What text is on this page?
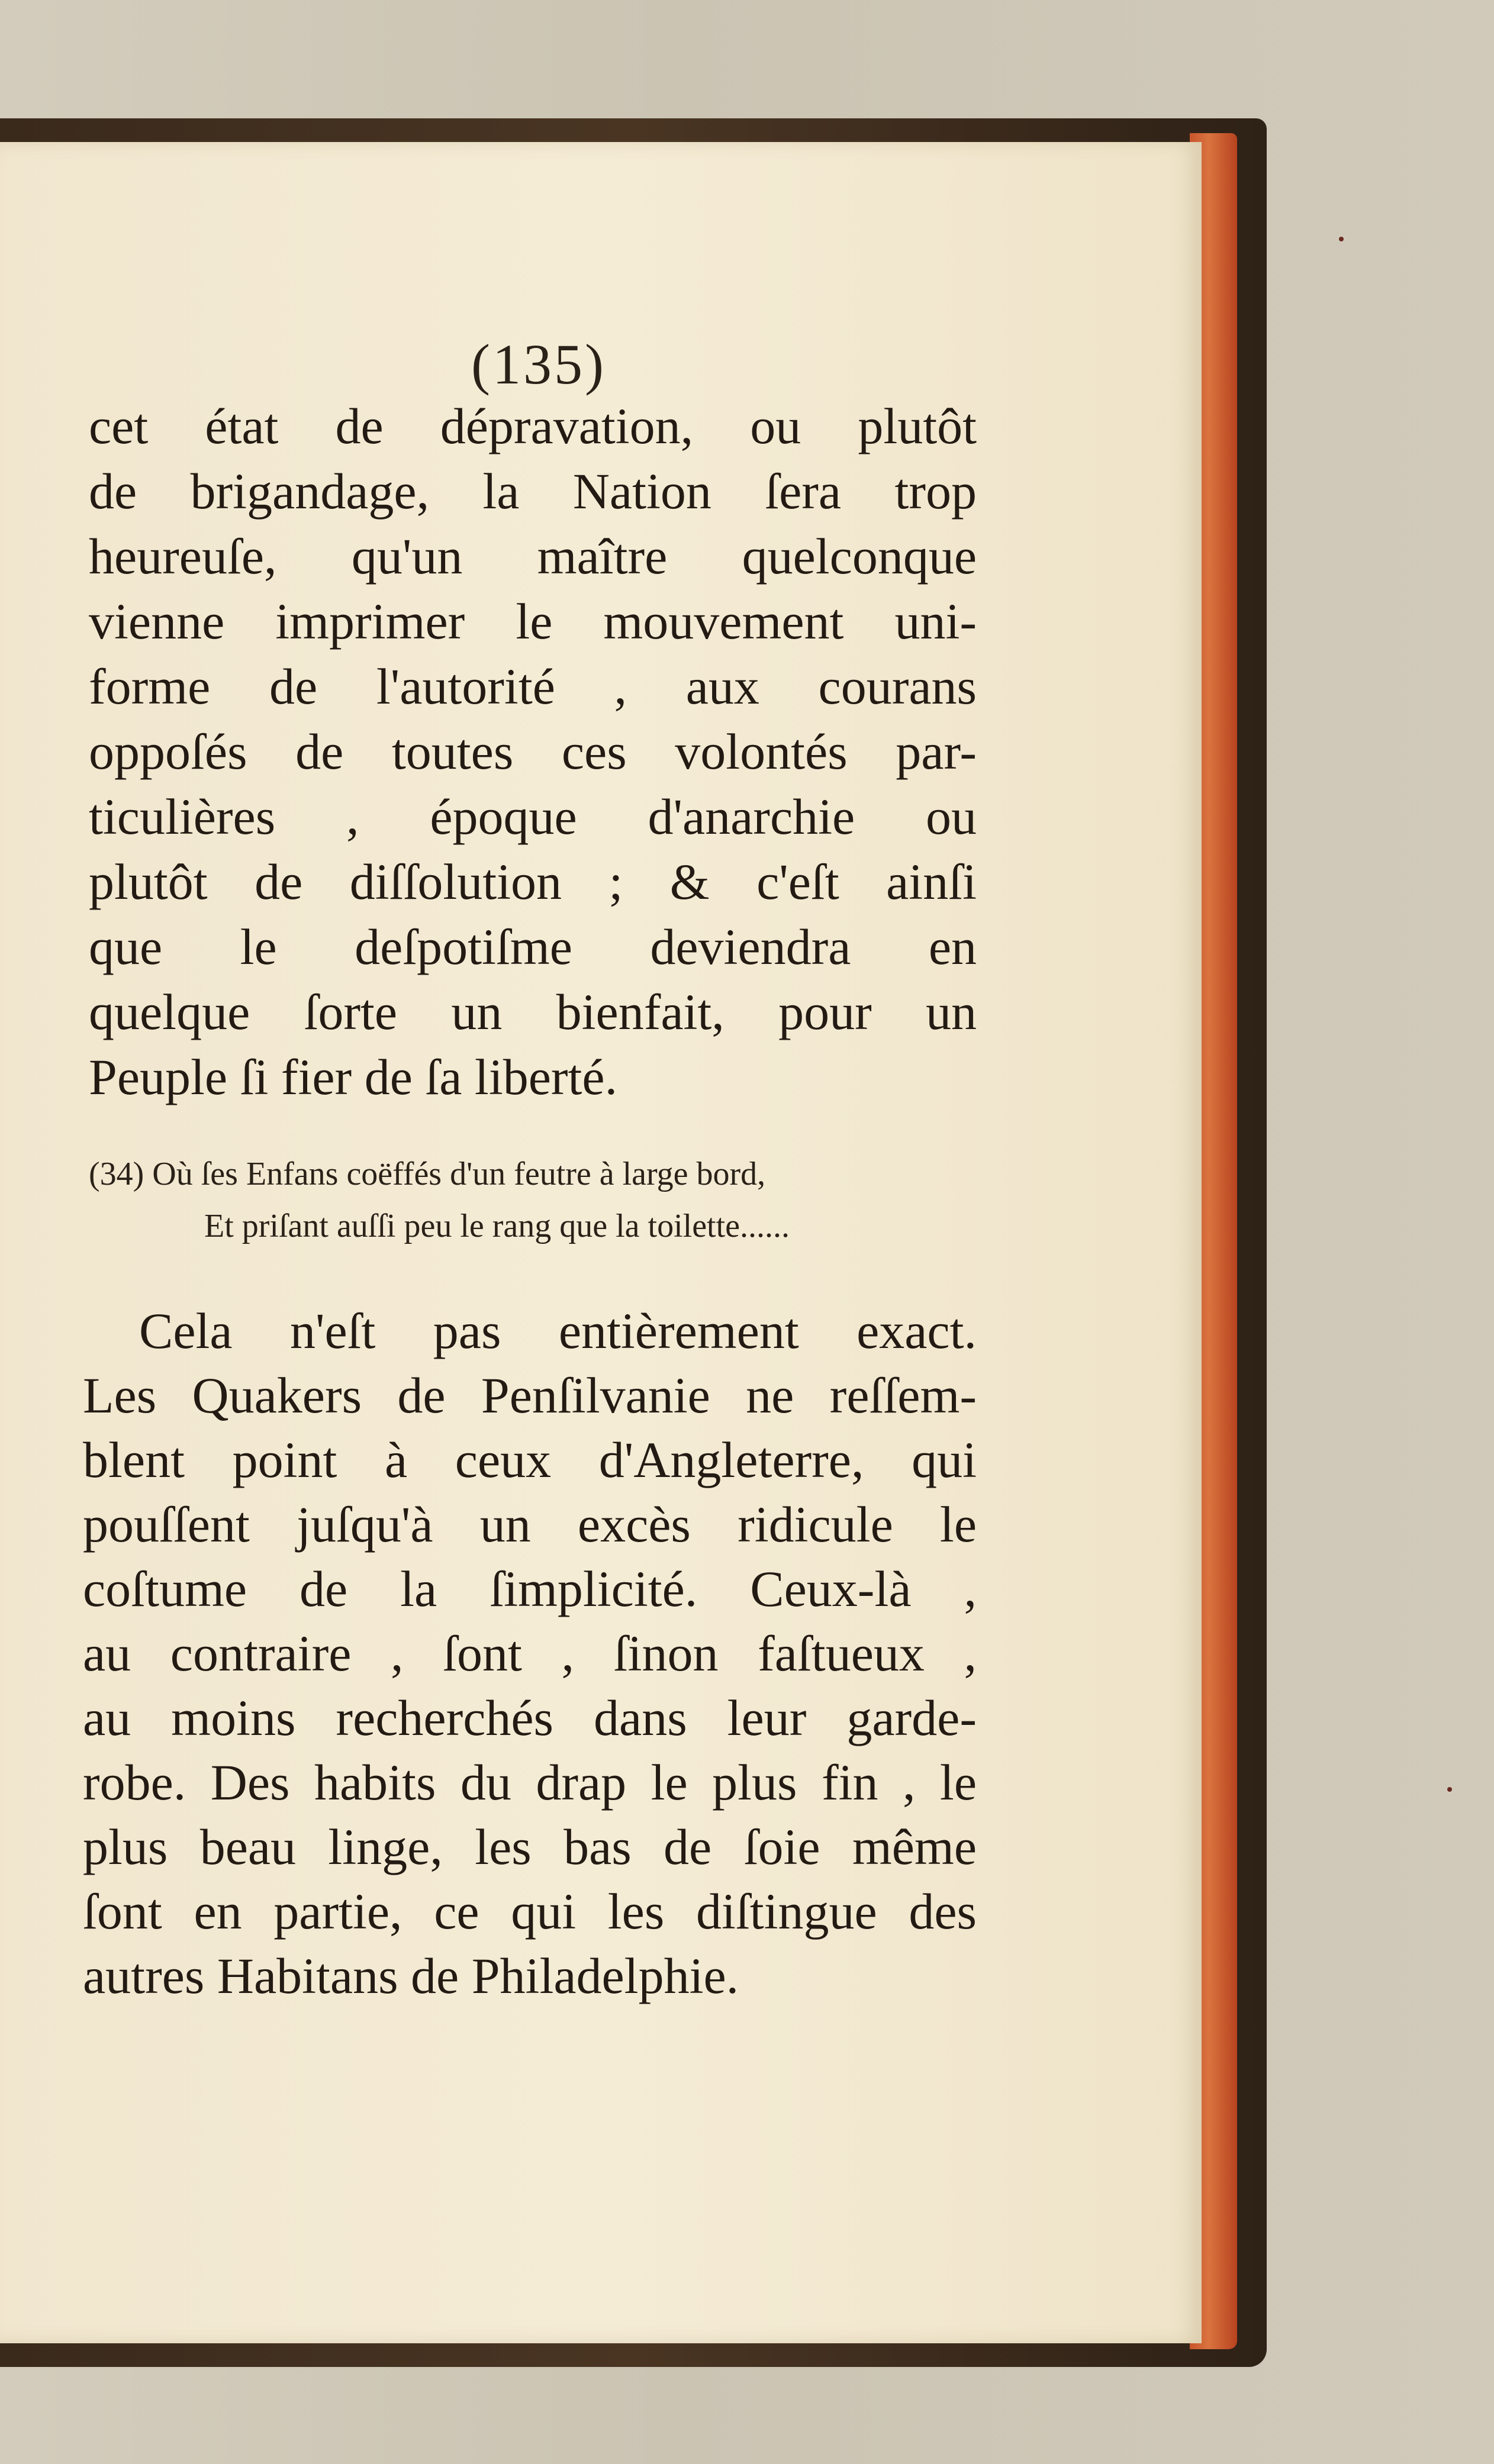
(135)
cet état de dépravation, ou plutôt
de brigandage, la Nation ſera trop
heureuſe, qu'un maître quelconque
vienne imprimer le mouvement uni-
forme de l'autorité , aux courans
oppoſés de toutes ces volontés par-
ticulières , époque d'anarchie ou
plutôt de diſſolution ; & c'eſt ainſi
que le deſpotiſme deviendra en
quelque ſorte un bienfait, pour un
Peuple ſi fier de ſa liberté.
(34) Où ſes Enfans coëffés d'un feutre à large bord,
Et priſant auſſi peu le rang que la toilette......
Cela n'eſt pas entièrement exact.
Les Quakers de Penſilvanie ne reſſem-
blent point à ceux d'Angleterre, qui
pouſſent juſqu'à un excès ridicule le
coſtume de la ſimplicité. Ceux-là ,
au contraire , ſont , ſinon faſtueux ,
au moins recherchés dans leur garde-
robe. Des habits du drap le plus fin , le
plus beau linge, les bas de ſoie même
ſont en partie, ce qui les diſtingue des
autres Habitans de Philadelphie.
